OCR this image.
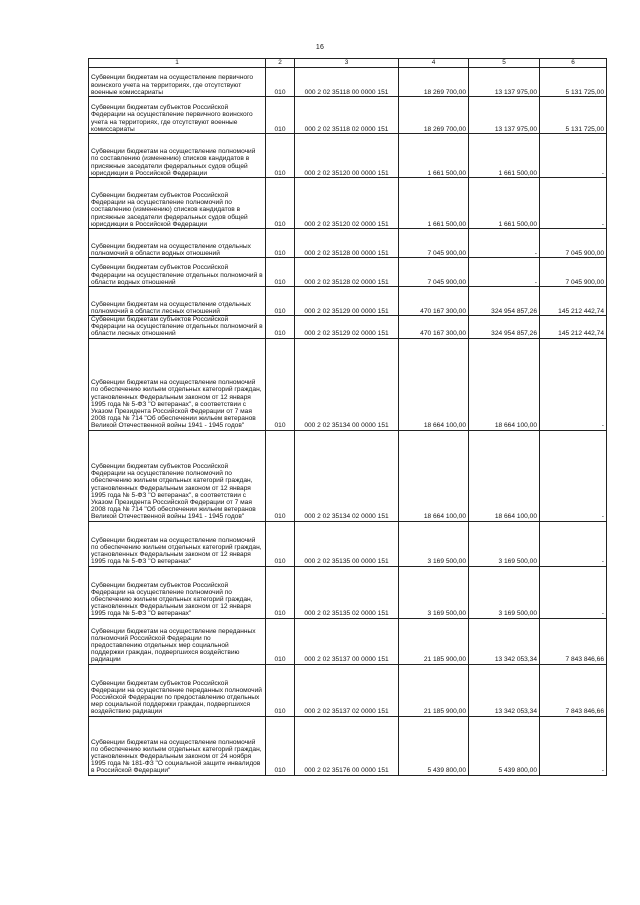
16
1	2	3	4	5	6
Субвенции бюджетам на осуществление первичного воинского учета на территориях, где отсутствуют военные комиссариаты	010	000 2 02 35118 00 0000 151	18 269 700,00	13 137 975,00	5 131 725,00
Субвенции бюджетам субъектов Российской Федерации на осуществление первичного воинского учета на территориях, где отсутствуют военные комиссариаты	010	000 2 02 35118 02 0000 151	18 269 700,00	13 137 975,00	5 131 725,00
Субвенции бюджетам на осуществление полномочий по составлению (изменению) списков кандидатов в присяжные заседатели федеральных судов общей юрисдикции в Российской Федерации	010	000 2 02 35120 00 0000 151	1 661 500,00	1 661 500,00	-
Субвенции бюджетам субъектов Российской Федерации на осуществление полномочий по составлению (изменению) списков кандидатов в присяжные заседатели федеральных судов общей юрисдикции в Российской Федерации	010	000 2 02 35120 02 0000 151	1 661 500,00	1 661 500,00	-
Субвенции бюджетам на осуществление отдельных полномочий в области водных отношений	010	000 2 02 35128 00 0000 151	7 045 900,00	-	7 045 900,00
Субвенции бюджетам субъектов Российской Федерации на осуществление отдельных полномочий в области водных отношений	010	000 2 02 35128 02 0000 151	7 045 900,00	-	7 045 900,00
Субвенции бюджетам на осуществление отдельных полномочий в области лесных отношений	010	000 2 02 35129 00 0000 151	470 167 300,00	324 954 857,26	145 212 442,74
Субвенции бюджетам субъектов Российской Федерации на осуществление отдельных полномочий в области лесных отношений	010	000 2 02 35129 02 0000 151	470 167 300,00	324 954 857,26	145 212 442,74
Субвенции бюджетам на осуществление полномочий по обеспечению жильем отдельных категорий граждан, установленных Федеральным законом от 12 января 1995 года № 5-ФЗ "О ветеранах", в соответствии с Указом Президента Российской Федерации от 7 мая 2008 года № 714 "Об обеспечении жильем ветеранов Великой Отечественной войны 1941 - 1945 годов"	010	000 2 02 35134 00 0000 151	18 664 100,00	18 664 100,00	-
Субвенции бюджетам субъектов Российской Федерации на осуществление полномочий по обеспечению жильем отдельных категорий граждан, установленных Федеральным законом от 12 января 1995 года № 5-ФЗ "О ветеранах", в соответствии с Указом Президента Российской Федерации от 7 мая 2008 года № 714 "Об обеспечении жильем ветеранов Великой Отечественной войны 1941 - 1945 годов"	010	000 2 02 35134 02 0000 151	18 664 100,00	18 664 100,00	-
Субвенции бюджетам на осуществление полномочий по обеспечению жильем отдельных категорий граждан, установленных Федеральным законом от 12 января 1995 года № 5-ФЗ "О ветеранах"	010	000 2 02 35135 00 0000 151	3 169 500,00	3 169 500,00	-
Субвенции бюджетам субъектов Российской Федерации на осуществление полномочий по обеспечению жильем отдельных категорий граждан, установленных Федеральным законом от 12 января 1995 года № 5-ФЗ "О ветеранах"	010	000 2 02 35135 02 0000 151	3 169 500,00	3 169 500,00	-
Субвенции бюджетам на осуществление переданных полномочий Российской Федерации по предоставлению отдельных мер социальной поддержки граждан, подвергшихся воздействию радиации	010	000 2 02 35137 00 0000 151	21 185 900,00	13 342 053,34	7 843 846,66
Субвенции бюджетам субъектов Российской Федерации на осуществление переданных полномочий Российской Федерации по предоставлению отдельных мер социальной поддержки граждан, подвергшихся воздействию радиации	010	000 2 02 35137 02 0000 151	21 185 900,00	13 342 053,34	7 843 846,66
Субвенции бюджетам на осуществление полномочий по обеспечению жильем отдельных категорий граждан, установленных Федеральным законом от 24 ноября 1995 года № 181-ФЗ "О социальной защите инвалидов в Российской Федерации"	010	000 2 02 35176 00 0000 151	5 439 800,00	5 439 800,00	-
